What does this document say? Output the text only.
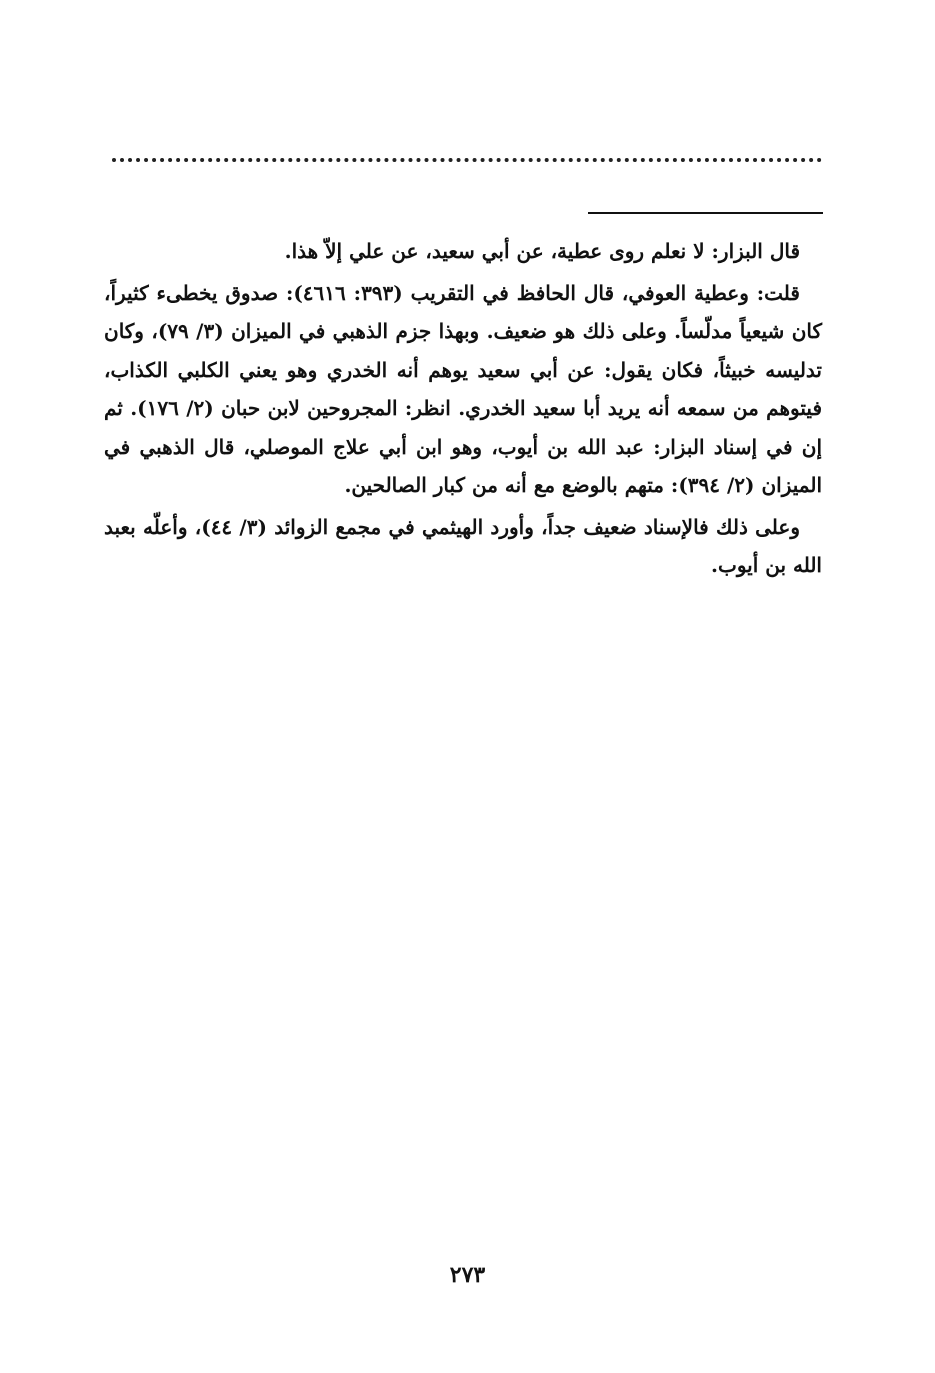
قال البزار: لا نعلم روى عطية، عن أبي سعيد، عن علي إلاّ هذا.

قلت: وعطية العوفي، قال الحافظ في التقريب (٣٩٣: ٤٦١٦): صدوق يخطىء كثيراً، كان شيعياً مدلّساً. وعلى ذلك هو ضعيف. وبهذا جزم الذهبي في الميزان (٣/ ٧٩)، وكان تدليسه خبيثاً، فكان يقول: عن أبي سعيد يوهم أنه الخدري وهو يعني الكلبي الكذاب، فيتوهم من سمعه أنه يريد أبا سعيد الخدري. انظر: المجروحين لابن حبان (٢/ ١٧٦). ثم إن في إسناد البزار: عبد الله بن أيوب، وهو ابن أبي علاج الموصلي، قال الذهبي في الميزان (٢/ ٣٩٤): متهم بالوضع مع أنه من كبار الصالحين.

وعلى ذلك فالإسناد ضعيف جداً، وأورد الهيثمي في مجمع الزوائد (٣/ ٤٤)، وأعلّه بعبد الله بن أيوب.

٢٧٣
